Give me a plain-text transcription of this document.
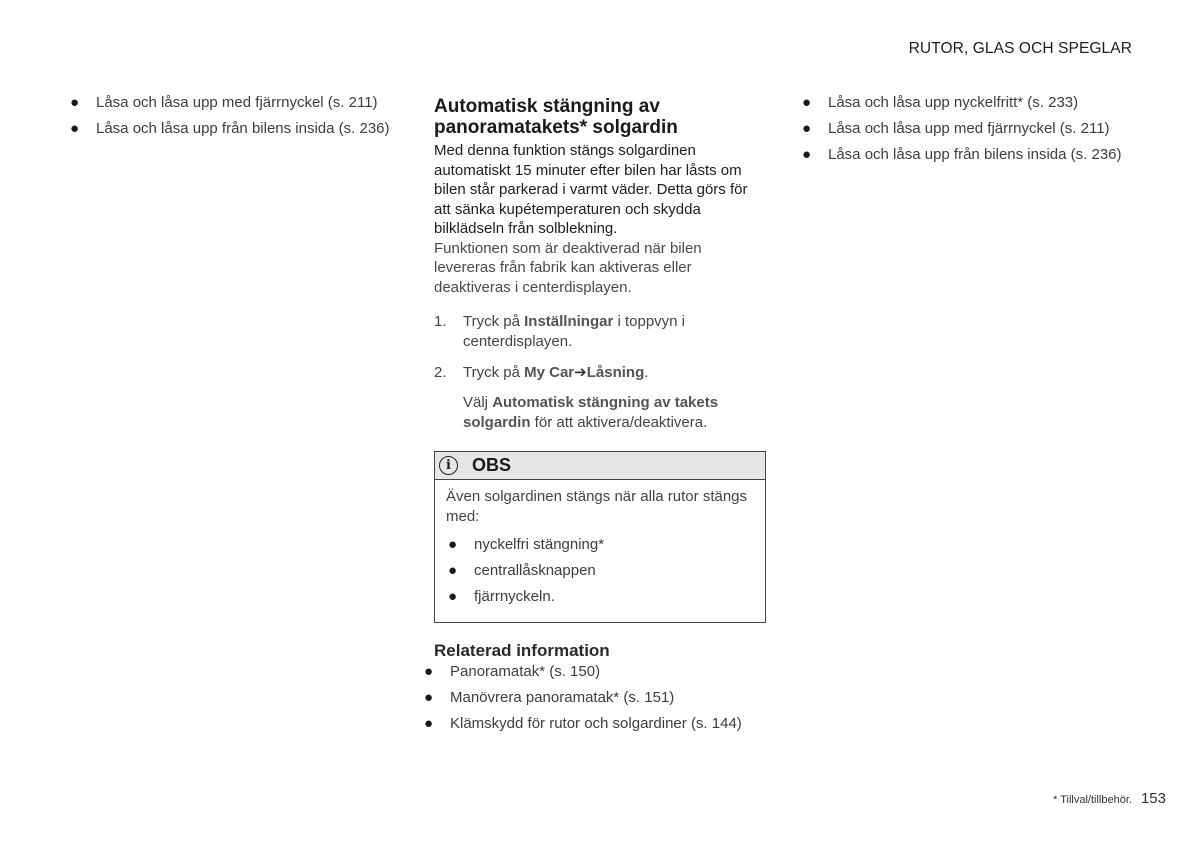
RUTOR, GLAS OCH SPEGLAR
● Låsa och låsa upp med fjärrnyckel (s. 211)
● Låsa och låsa upp från bilens insida (s. 236)
Automatisk stängning av
panoramatakets* solgardin

Med denna funktion stängs solgardinen automatiskt 15 minuter efter bilen har låsts om bilen står parkerad i varmt väder. Detta görs för att sänka kupétemperaturen och skydda bilklädseln från solblekning.

Funktionen som är deaktiverad när bilen levereras från fabrik kan aktiveras eller deaktiveras i centerdisplayen.

1. Tryck på Inställningar i toppvyn i centerdisplayen.
2. Tryck på My Car➔Låsning.
Välj Automatisk stängning av takets solgardin för att aktivera/deaktivera.
i	OBS

Även solgardinen stängs när alla rutor stängs med:

● nyckelfri stängning*
● centrallåsknappen
● fjärrnyckeln.
Relaterad information
● Panoramatak* (s. 150)
● Manövrera panoramatak* (s. 151)
● Klämskydd för rutor och solgardiner (s. 144)
● Låsa och låsa upp nyckelfritt* (s. 233)
● Låsa och låsa upp med fjärrnyckel (s. 211)
● Låsa och låsa upp från bilens insida (s. 236)
* Tillval/tillbehör. 153
